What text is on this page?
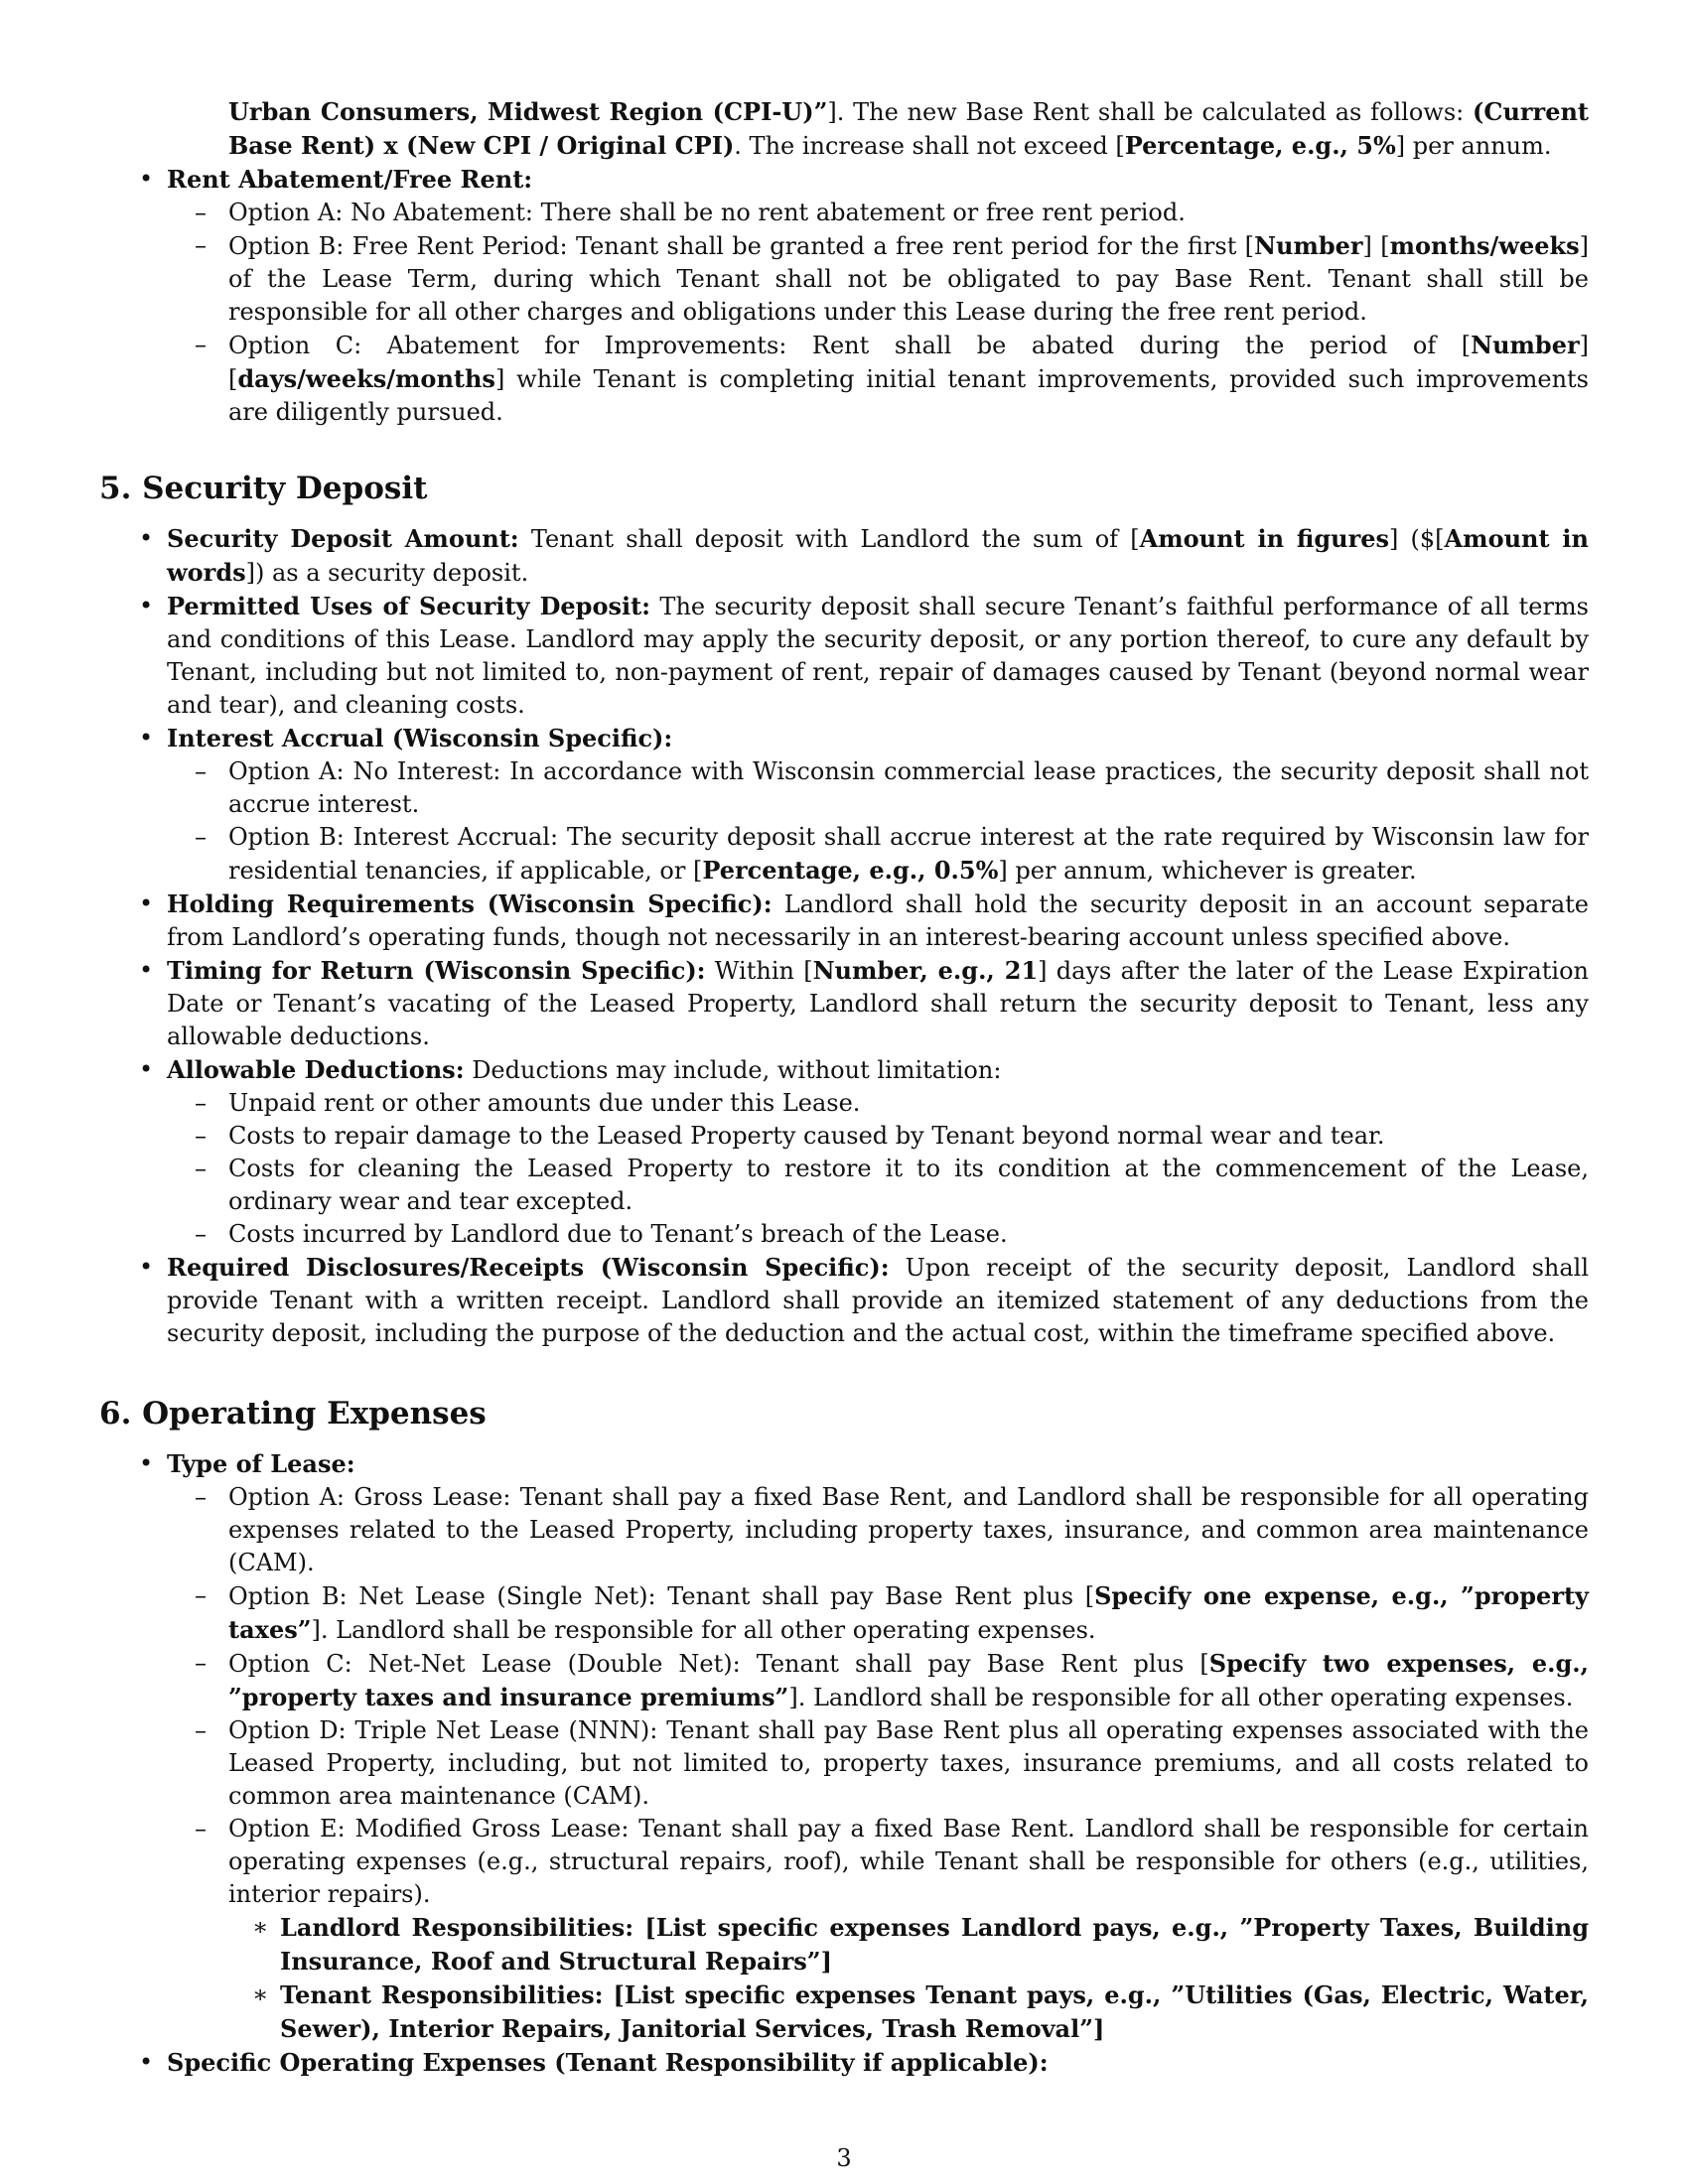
Urban Consumers, Midwest Region (CPI-U)”]. The new Base Rent shall be calculated as follows: (Current Base Rent) x (New CPI / Original CPI). The increase shall not exceed [Percentage, e.g., 5%] per annum.
• Rent Abatement/Free Rent:
– Option A: No Abatement: There shall be no rent abatement or free rent period.
– Option B: Free Rent Period: Tenant shall be granted a free rent period for the first [Number] [months/weeks] of the Lease Term, during which Tenant shall not be obligated to pay Base Rent. Tenant shall still be responsible for all other charges and obligations under this Lease during the free rent period.
– Option C: Abatement for Improvements: Rent shall be abated during the period of [Number] [days/weeks/months] while Tenant is completing initial tenant improvements, provided such improvements are diligently pursued.
5. Security Deposit
• Security Deposit Amount: Tenant shall deposit with Landlord the sum of [Amount in figures] ($[Amount in words]) as a security deposit.
• Permitted Uses of Security Deposit: The security deposit shall secure Tenant’s faithful performance of all terms and conditions of this Lease. Landlord may apply the security deposit, or any portion thereof, to cure any default by Tenant, including but not limited to, non-payment of rent, repair of damages caused by Tenant (beyond normal wear and tear), and cleaning costs.
• Interest Accrual (Wisconsin Specific):
– Option A: No Interest: In accordance with Wisconsin commercial lease practices, the security deposit shall not accrue interest.
– Option B: Interest Accrual: The security deposit shall accrue interest at the rate required by Wisconsin law for residential tenancies, if applicable, or [Percentage, e.g., 0.5%] per annum, whichever is greater.
• Holding Requirements (Wisconsin Specific): Landlord shall hold the security deposit in an account separate from Landlord’s operating funds, though not necessarily in an interest-bearing account unless specified above.
• Timing for Return (Wisconsin Specific): Within [Number, e.g., 21] days after the later of the Lease Expiration Date or Tenant’s vacating of the Leased Property, Landlord shall return the security deposit to Tenant, less any allowable deductions.
• Allowable Deductions: Deductions may include, without limitation:
– Unpaid rent or other amounts due under this Lease.
– Costs to repair damage to the Leased Property caused by Tenant beyond normal wear and tear.
– Costs for cleaning the Leased Property to restore it to its condition at the commencement of the Lease, ordinary wear and tear excepted.
– Costs incurred by Landlord due to Tenant’s breach of the Lease.
• Required Disclosures/Receipts (Wisconsin Specific): Upon receipt of the security deposit, Landlord shall provide Tenant with a written receipt. Landlord shall provide an itemized statement of any deductions from the security deposit, including the purpose of the deduction and the actual cost, within the timeframe specified above.
6. Operating Expenses
• Type of Lease:
– Option A: Gross Lease: Tenant shall pay a fixed Base Rent, and Landlord shall be responsible for all operating expenses related to the Leased Property, including property taxes, insurance, and common area maintenance (CAM).
– Option B: Net Lease (Single Net): Tenant shall pay Base Rent plus [Specify one expense, e.g., ”property taxes”]. Landlord shall be responsible for all other operating expenses.
– Option C: Net-Net Lease (Double Net): Tenant shall pay Base Rent plus [Specify two expenses, e.g., ”property taxes and insurance premiums”]. Landlord shall be responsible for all other operating expenses.
– Option D: Triple Net Lease (NNN): Tenant shall pay Base Rent plus all operating expenses associated with the Leased Property, including, but not limited to, property taxes, insurance premiums, and all costs related to common area maintenance (CAM).
– Option E: Modified Gross Lease: Tenant shall pay a fixed Base Rent. Landlord shall be responsible for certain operating expenses (e.g., structural repairs, roof), while Tenant shall be responsible for others (e.g., utilities, interior repairs).
∗ Landlord Responsibilities: [List specific expenses Landlord pays, e.g., ”Property Taxes, Building Insurance, Roof and Structural Repairs”]
∗ Tenant Responsibilities: [List specific expenses Tenant pays, e.g., ”Utilities (Gas, Electric, Water, Sewer), Interior Repairs, Janitorial Services, Trash Removal”]
• Specific Operating Expenses (Tenant Responsibility if applicable):
3
